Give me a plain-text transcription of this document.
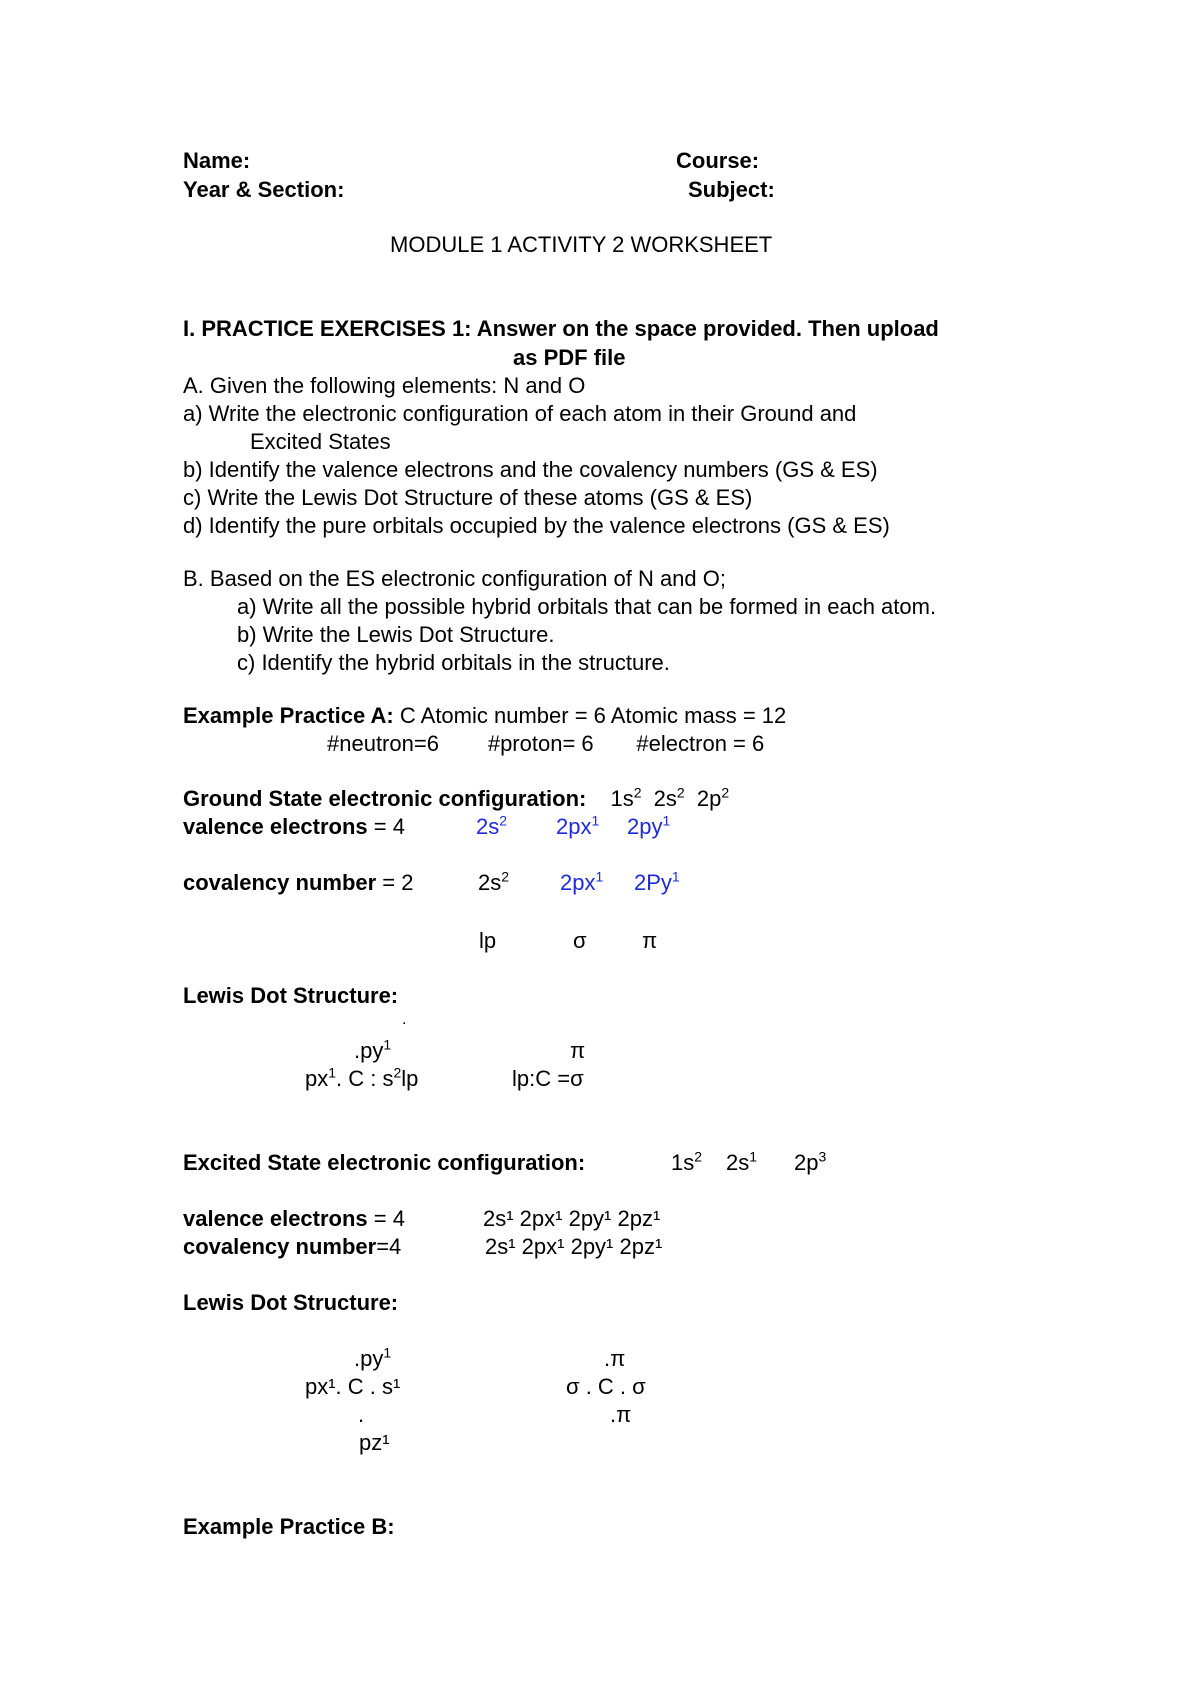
Name:	Course:
Year & Section:	Subject:
MODULE 1 ACTIVITY 2 WORKSHEET
I. PRACTICE EXERCISES 1: Answer on the space provided. Then upload
as PDF file
A. Given the following elements: N and O
a) Write the electronic configuration of each atom in their Ground and
Excited States
b) Identify the valence electrons and the covalency numbers (GS & ES)
c) Write the Lewis Dot Structure of these atoms (GS & ES)
d) Identify the pure orbitals occupied by the valence electrons (GS & ES)
B. Based on the ES electronic configuration of N and O;
a) Write all the possible hybrid orbitals that can be formed in each atom.
b) Write the Lewis Dot Structure.
c) Identify the hybrid orbitals in the structure.
Example Practice A: C Atomic number = 6 Atomic mass = 12
#neutron=6        #proton= 6       #electron = 6
Ground State electronic configuration: $1s^2$ $2s^2$ $2p^2$
valence electrons = 4	$2s^2$ $2px^1$ $2py^1$
covalency number = 2	$2s^2$ $2px^1$ 2Py$^1$
lp	σ	π
Lewis Dot Structure:
.
$.py^1$	π
$px^1$. C : $s^2lp$	lp:C =σ
Excited State electronic configuration:	$1s^2$ $2s^1$ $2p^3$
valence electrons = 4	2s¹ 2px¹ 2py¹ 2pz¹
covalency number=4	2s¹ 2px¹ 2py¹ 2pz¹
Lewis Dot Structure:
$.py^1$	.π
px¹. C . s¹	σ . C . σ
.	.π
pz¹
Example Practice B:
